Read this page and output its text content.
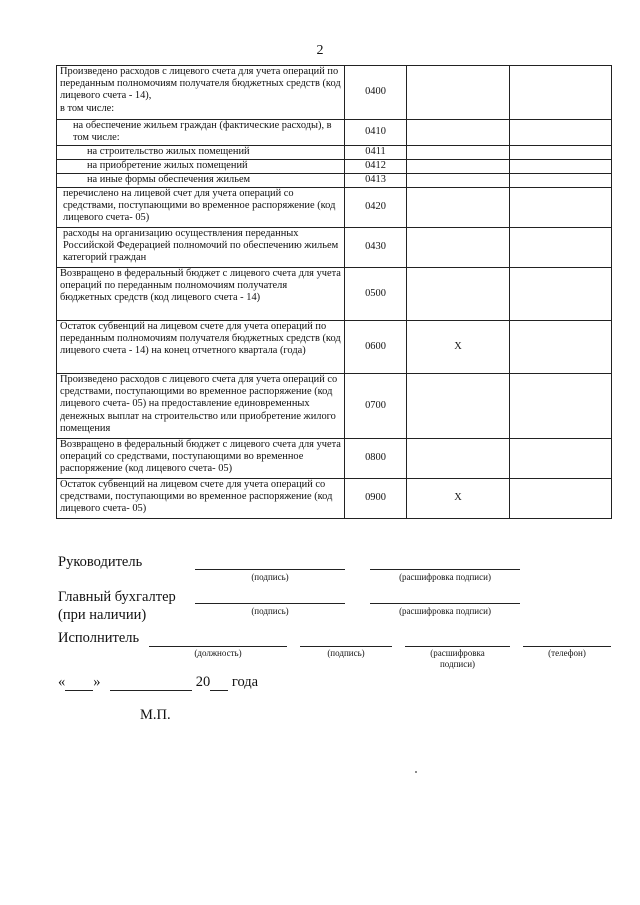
2
Произведено расходов с лицевого счета для учета операций по переданным полномочиям получателя бюджетных средств (код лицевого счета - 14),
в том числе:	0400		
на обеспечение жильем граждан (фактические расходы), в том числе:	0410		
на строительство жилых помещений	0411		
на приобретение жилых помещений	0412		
на иные формы обеспечения жильем	0413		
перечислено на лицевой счет для учета операций со средствами, поступающими во временное распоряжение (код лицевого счета- 05)	0420		
расходы на организацию осуществления переданных Российской Федерацией полномочий по обеспечению жильем категорий граждан	0430		
Возвращено в федеральный бюджет с лицевого счета для учета операций по переданным полномочиям получателя бюджетных средств (код лицевого счета - 14)	0500		
Остаток субвенций на лицевом счете для учета операций по переданным полномочиям получателя бюджетных средств (код лицевого счета - 14) на конец отчетного квартала (года)	0600	X	
Произведено расходов с лицевого счета для учета операций со средствами, поступающими во временное распоряжение (код лицевого счета- 05) на предоставление единовременных денежных выплат на строительство или приобретение жилого помещения	0700		
Возвращено в федеральный бюджет с лицевого счета для учета операций со средствами, поступающими во временное распоряжение (код лицевого счета- 05)	0800		
Остаток субвенций на лицевом счете для учета операций со средствами, поступающими во временное распоряжение (код лицевого счета- 05)	0900	X	
Руководитель
(подпись)	(расшифровка подписи)
Главный бухгалтер
(при наличии)	(подпись)	(расшифровка подписи)
Исполнитель
(должность)	(подпись)	(расшифровка
подписи)
(телефон)
« »	20 года
М.П.
